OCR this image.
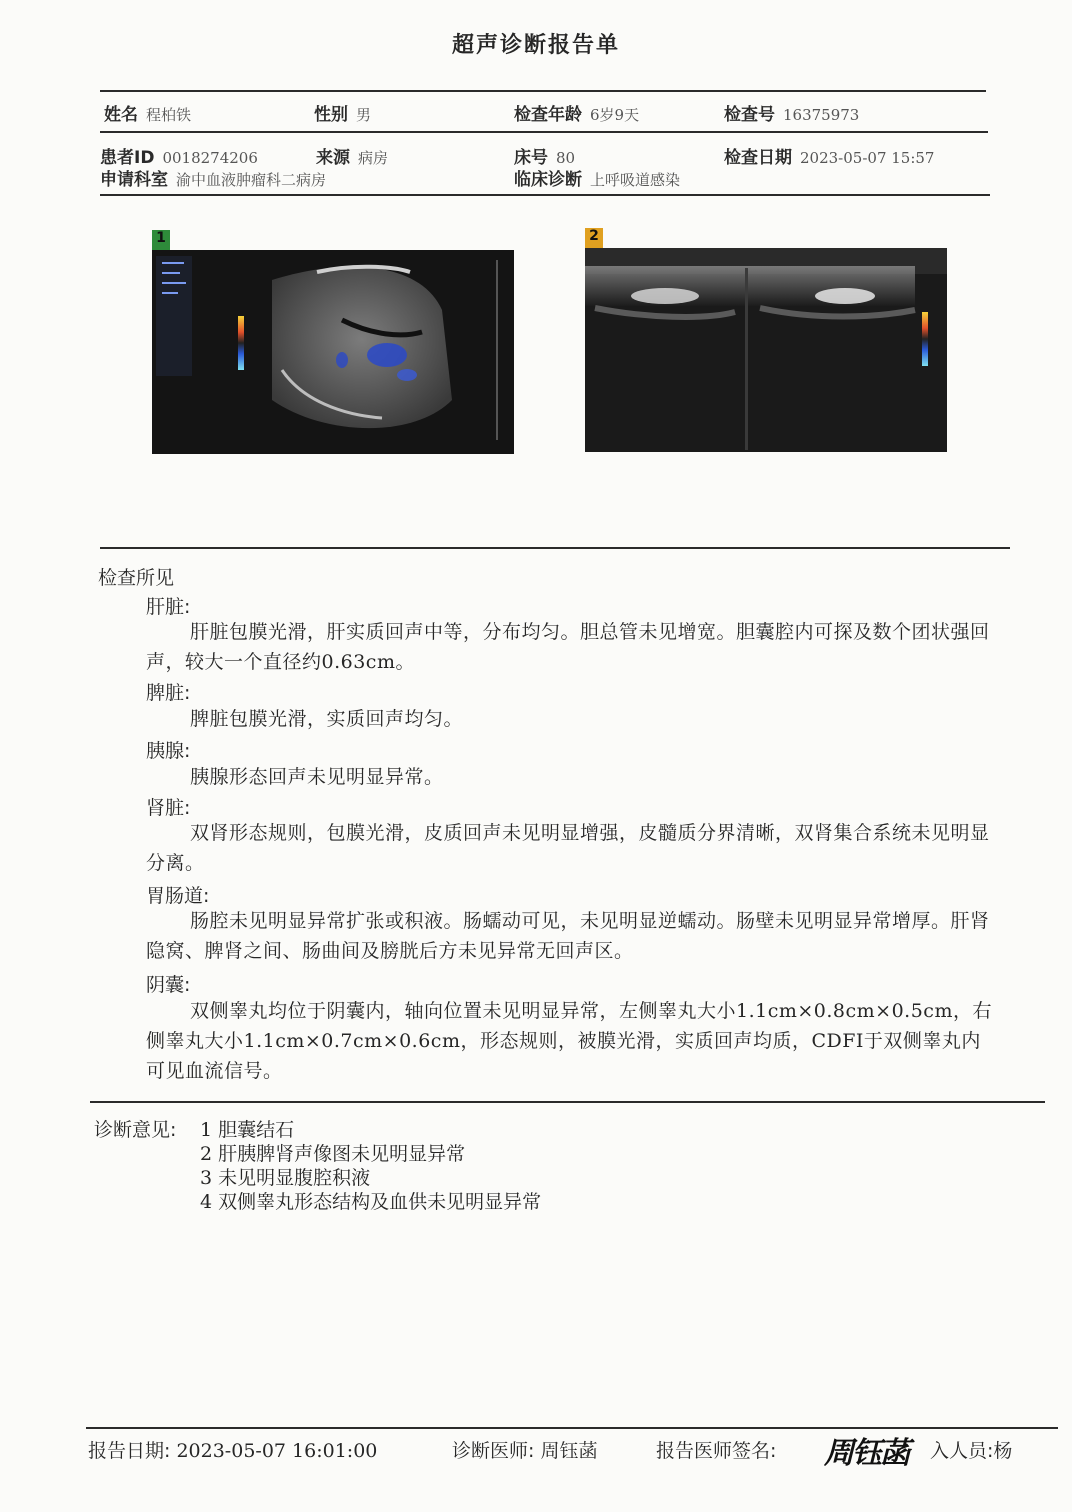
超声诊断报告单
姓名 程柏铁	性别 男	检查年龄 6岁9天	检查号 16375973
患者ID 0018274206	来源 病房	床号 80	检查日期 2023-05-07 15:57
申请科室 渝中血液肿瘤科二病房	临床诊断 上呼吸道感染
1	2
检查所见
肝脏:
肝脏包膜光滑，肝实质回声中等，分布均匀。胆总管未见增宽。胆囊腔内可探及数个团状强回声，较大一个直径约0.63cm。
脾脏:
脾脏包膜光滑，实质回声均匀。
胰腺:
胰腺形态回声未见明显异常。
肾脏:
双肾形态规则，包膜光滑，皮质回声未见明显增强，皮髓质分界清晰，双肾集合系统未见明显分离。
胃肠道:
肠腔未见明显异常扩张或积液。肠蠕动可见，未见明显逆蠕动。肠壁未见明显异常增厚。肝肾隐窝、脾肾之间、肠曲间及膀胱后方未见异常无回声区。
阴囊:
双侧睾丸均位于阴囊内，轴向位置未见明显异常，左侧睾丸大小1.1cm×0.8cm×0.5cm，右侧睾丸大小1.1cm×0.7cm×0.6cm，形态规则，被膜光滑，实质回声均质，CDFI于双侧睾丸内可见血流信号。
诊断意见: 1 胆囊结石
2 肝胰脾肾声像图未见明显异常
3 未见明显腹腔积液
4 双侧睾丸形态结构及血供未见明显异常
报告日期: 2023-05-07 16:01:00	诊断医师: 周钰菡	报告医师签名: 周钰菡 入人员:杨
